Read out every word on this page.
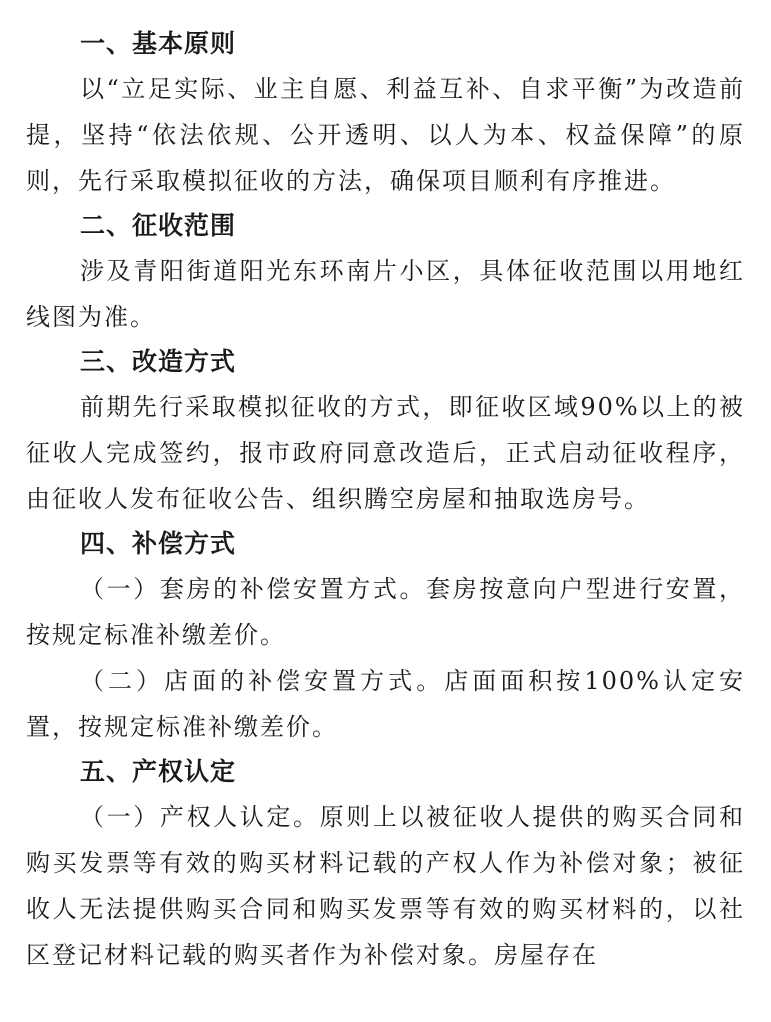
一、基本原则

以“立足实际、业主自愿、利益互补、自求平衡”为改造前提，坚持“依法依规、公开透明、以人为本、权益保障”的原则，先行采取模拟征收的方法，确保项目顺利有序推进。

二、征收范围

涉及青阳街道阳光东环南片小区，具体征收范围以用地红线图为准。

三、改造方式

前期先行采取模拟征收的方式，即征收区域90%以上的被征收人完成签约，报市政府同意改造后，正式启动征收程序，由征收人发布征收公告、组织腾空房屋和抽取选房号。

四、补偿方式

（一）套房的补偿安置方式。套房按意向户型进行安置，按规定标准补缴差价。

（二）店面的补偿安置方式。店面面积按100%认定安置，按规定标准补缴差价。

五、产权认定

（一）产权人认定。原则上以被征收人提供的购买合同和购买发票等有效的购买材料记载的产权人作为补偿对象；被征收人无法提供购买合同和购买发票等有效的购买材料的，以社区登记材料记载的购买者作为补偿对象。房屋存在
